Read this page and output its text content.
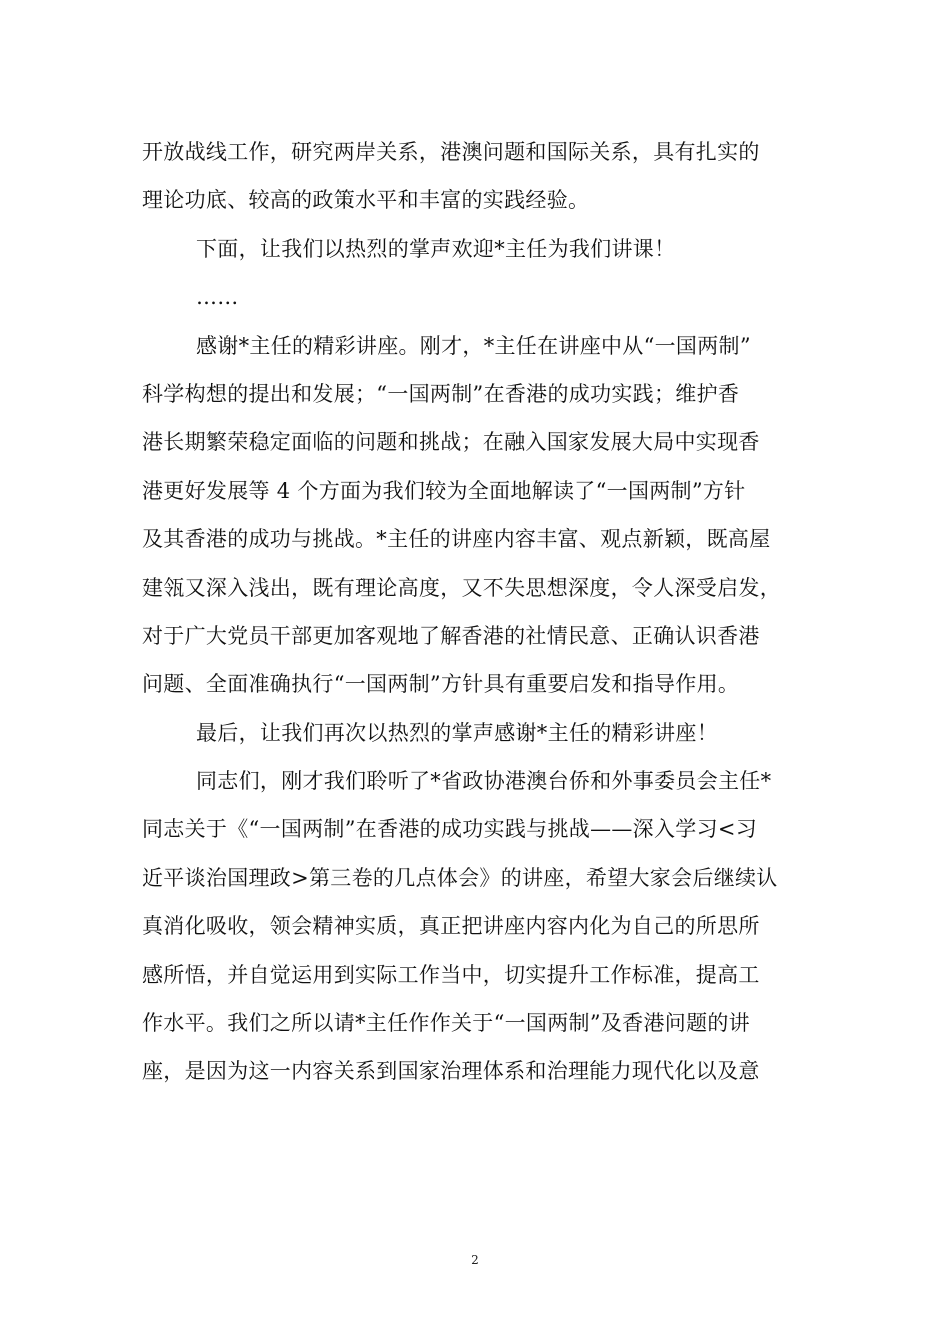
开放战线工作，研究两岸关系，港澳问题和国际关系，具有扎实的
理论功底、较高的政策水平和丰富的实践经验。

下面，让我们以热烈的掌声欢迎*主任为我们讲课！

……

感谢*主任的精彩讲座。刚才，*主任在讲座中从“一国两制”
科学构想的提出和发展；“一国两制”在香港的成功实践；维护香
港长期繁荣稳定面临的问题和挑战；在融入国家发展大局中实现香
港更好发展等 4 个方面为我们较为全面地解读了“一国两制”方针
及其香港的成功与挑战。*主任的讲座内容丰富、观点新颖，既高屋
建瓴又深入浅出，既有理论高度，又不失思想深度，令人深受启发，
对于广大党员干部更加客观地了解香港的社情民意、正确认识香港
问题、全面准确执行“一国两制”方针具有重要启发和指导作用。

最后，让我们再次以热烈的掌声感谢*主任的精彩讲座！

同志们，刚才我们聆听了*省政协港澳台侨和外事委员会主任*
同志关于《“一国两制”在香港的成功实践与挑战——深入学习<习
近平谈治国理政>第三卷的几点体会》的讲座，希望大家会后继续认
真消化吸收，领会精神实质，真正把讲座内容内化为自己的所思所
感所悟，并自觉运用到实际工作当中，切实提升工作标准，提高工
作水平。我们之所以请*主任作作关于“一国两制”及香港问题的讲
座，是因为这一内容关系到国家治理体系和治理能力现代化以及意

2
